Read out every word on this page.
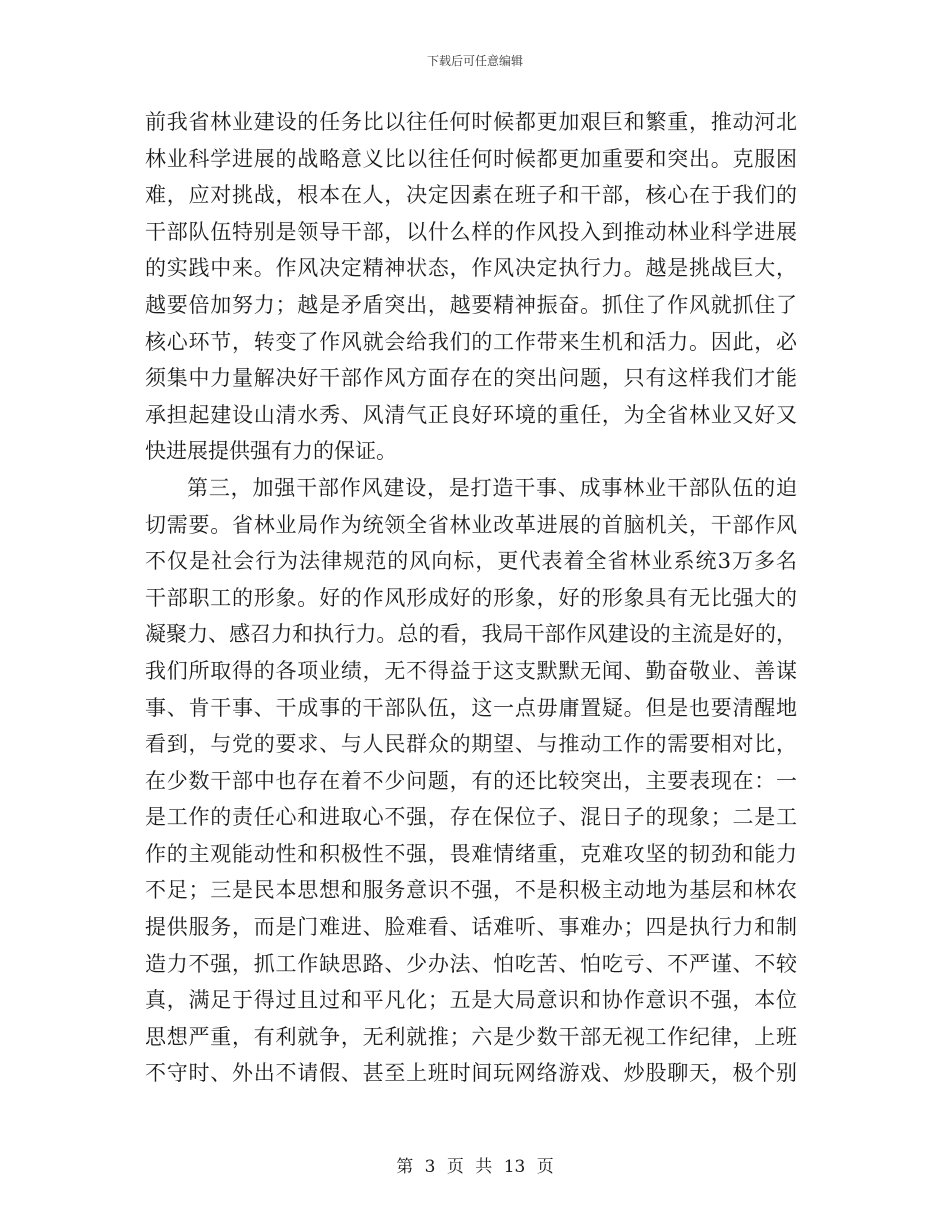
下载后可任意编辑
前我省林业建设的任务比以往任何时候都更加艰巨和繁重，推动河北
林业科学进展的战略意义比以往任何时候都更加重要和突出。克服困
难，应对挑战，根本在人，决定因素在班子和干部，核心在于我们的
干部队伍特别是领导干部，以什么样的作风投入到推动林业科学进展
的实践中来。作风决定精神状态，作风决定执行力。越是挑战巨大，
越要倍加努力；越是矛盾突出，越要精神振奋。抓住了作风就抓住了
核心环节，转变了作风就会给我们的工作带来生机和活力。因此，必
须集中力量解决好干部作风方面存在的突出问题，只有这样我们才能
承担起建设山清水秀、风清气正良好环境的重任，为全省林业又好又
快进展提供强有力的保证。
第三，加强干部作风建设，是打造干事、成事林业干部队伍的迫
切需要。省林业局作为统领全省林业改革进展的首脑机关，干部作风
不仅是社会行为法律规范的风向标，更代表着全省林业系统3万多名
干部职工的形象。好的作风形成好的形象，好的形象具有无比强大的
凝聚力、感召力和执行力。总的看，我局干部作风建设的主流是好的，
我们所取得的各项业绩，无不得益于这支默默无闻、勤奋敬业、善谋
事、肯干事、干成事的干部队伍，这一点毋庸置疑。但是也要清醒地
看到，与党的要求、与人民群众的期望、与推动工作的需要相对比，
在少数干部中也存在着不少问题，有的还比较突出，主要表现在：一
是工作的责任心和进取心不强，存在保位子、混日子的现象；二是工
作的主观能动性和积极性不强，畏难情绪重，克难攻坚的韧劲和能力
不足；三是民本思想和服务意识不强，不是积极主动地为基层和林农
提供服务，而是门难进、脸难看、话难听、事难办；四是执行力和制
造力不强，抓工作缺思路、少办法、怕吃苦、怕吃亏、不严谨、不较
真，满足于得过且过和平凡化；五是大局意识和协作意识不强，本位
思想严重，有利就争，无利就推；六是少数干部无视工作纪律，上班
不守时、外出不请假、甚至上班时间玩网络游戏、炒股聊天，极个别
第 3 页 共 13 页
